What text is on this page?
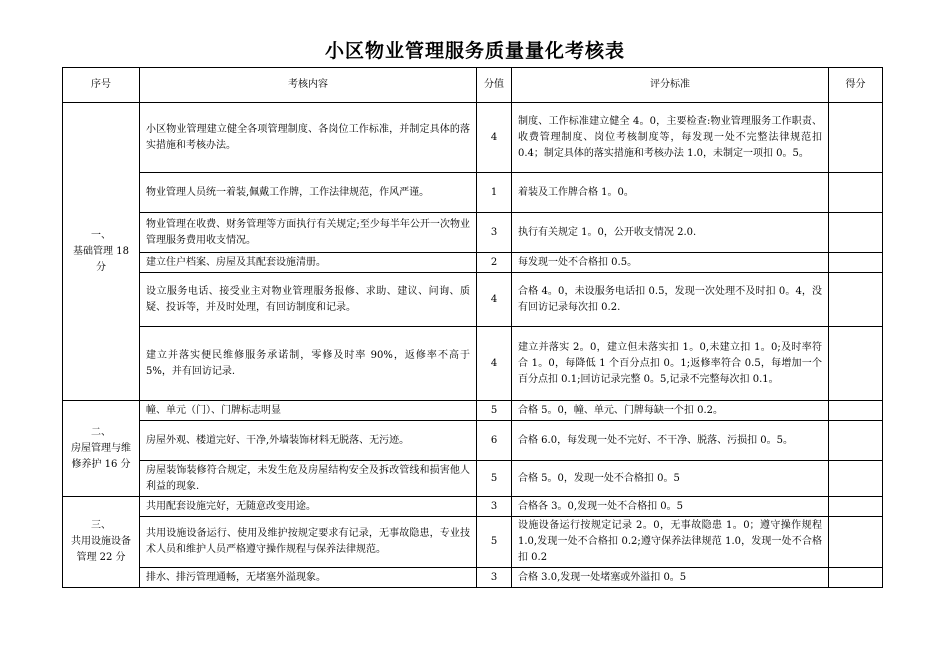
小区物业管理服务质量量化考核表
序号	考核内容	分值	评分标准	得分
一、
基础管理 18 分	小区物业管理建立健全各项管理制度、各岗位工作标准，并制定具体的落实措施和考核办法。	4	制度、工作标准建立健全 4。0，主要检查:物业管理服务工作职责、收费管理制度、岗位考核制度等，每发现一处不完整法律规范扣 0.4；制定具体的落实措施和考核办法 1.0，未制定一项扣 0。5。	
	物业管理人员统一着装,佩戴工作牌，工作法律规范，作风严谨。	1	着装及工作牌合格 1。0。	
	物业管理在收费、财务管理等方面执行有关规定;至少每半年公开一次物业管理服务费用收支情况。	3	执行有关规定 1。0，公开收支情况 2.0.	
	建立住户档案、房屋及其配套设施清册。	2	每发现一处不合格扣 0.5。	
	设立服务电话、接受业主对物业管理服务报修、求助、建议、问询、质疑、投诉等，并及时处理，有回访制度和记录。	4	合格 4。0，未设服务电话扣 0.5，发现一次处理不及时扣 0。4，没有回访记录每次扣 0.2.	
	建立并落实便民维修服务承诺制，零修及时率 90%，返修率不高于 5%，并有回访记录.	4	建立并落实 2。0，建立但未落实扣 1。0,未建立扣 1。0;及时率符合 1。0，每降低 1 个百分点扣 0。1;返修率符合 0.5，每增加一个百分点扣 0.1;回访记录完整 0。5,记录不完整每次扣 0.1。	
二、
房屋管理与维修养护 16 分	幢、单元（门）、门牌标志明显	5	合格 5。0，幢、单元、门牌每缺一个扣 0.2。	
	房屋外观、楼道完好、干净,外墙装饰材料无脱落、无污迹。	6	合格 6.0，每发现一处不完好、不干净、脱落、污损扣 0。5。	
	房屋装饰装修符合规定，未发生危及房屋结构安全及拆改管线和损害他人利益的现象.	5	合格 5。0，发现一处不合格扣 0。5	
三、
共用设施设备管理 22 分	共用配套设施完好，无随意改变用途。	3	合格各 3。0,发现一处不合格扣 0。5	
	共用设施设备运行、使用及维护按规定要求有记录，无事故隐患，专业技术人员和维护人员严格遵守操作规程与保养法律规范。	5	设施设备运行按规定记录 2。0，无事故隐患 1。0；遵守操作规程 1.0,发现一处不合格扣 0.2;遵守保养法律规范 1.0，发现一处不合格扣 0.2	
	排水、排污管理通畅，无堵塞外溢现象。	3	合格 3.0,发现一处堵塞或外溢扣 0。5	
